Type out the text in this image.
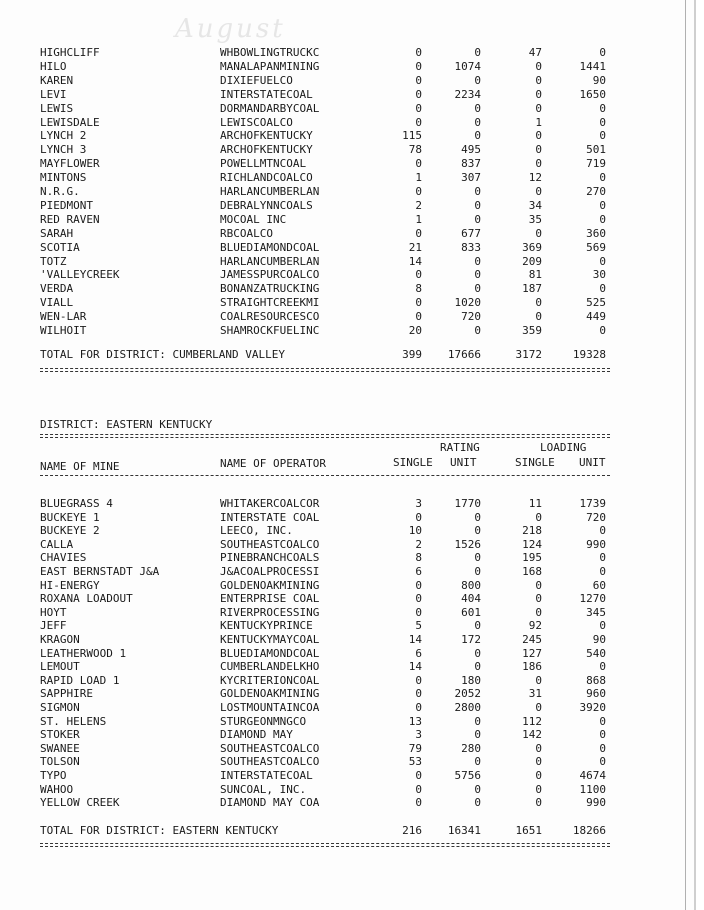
August
HIGHCLIFF	WHBOWLINGTRUCKC	0	0	47	0
HILO	MANALAPANMINING	0	1074	0	1441
KAREN	DIXIEFUELCO	0	0	0	90
LEVI	INTERSTATECOAL	0	2234	0	1650
LEWIS	DORMANDARBYCOAL	0	0	0	0
LEWISDALE	LEWISCOALCO	0	0	1	0
LYNCH 2	ARCHOFKENTUCKY	115	0	0	0
LYNCH 3	ARCHOFKENTUCKY	78	495	0	501
MAYFLOWER	POWELLMTNCOAL	0	837	0	719
MINTONS	RICHLANDCOALCO	1	307	12	0
N.R.G.	HARLANCUMBERLAN	0	0	0	270
PIEDMONT	DEBRALYNNCOALS	2	0	34	0
RED RAVEN	MOCOAL INC	1	0	35	0
SARAH	RBCOALCO	0	677	0	360
SCOTIA	BLUEDIAMONDCOAL	21	833	369	569
TOTZ	HARLANCUMBERLAN	14	0	209	0
'VALLEYCREEK	JAMESSPURCOALCO	0	0	81	30
VERDA	BONANZATRUCKING	8	0	187	0
VIALL	STRAIGHTCREEKMI	0	1020	0	525
WEN-LAR	COALRESOURCESCO	0	720	0	449
WILHOIT	SHAMROCKFUELINC	20	0	359	0
TOTAL FOR DISTRICT: CUMBERLAND VALLEY	399 17666	3172	19328
DISTRICT: EASTERN KENTUCKY
RATING	LOADING
NAME OF MINE	NAME OF OPERATOR	SINGLE UNIT	SINGLE UNIT
BLUEGRASS 4	WHITAKERCOALCOR	3	1770	11	1739
BUCKEYE 1	INTERSTATE COAL	0	0	0	720
BUCKEYE 2	LEECO, INC.	10	0	218	0
CALLA	SOUTHEASTCOALCO	2	1526	124	990
CHAVIES	PINEBRANCHCOALS	8	0	195	0
EAST BERNSTADT J&A	J&ACOALPROCESSI	6	0	168	0
HI-ENERGY	GOLDENOAKMINING	0	800	0	60
ROXANA LOADOUT	ENTERPRISE COAL	0	404	0	1270
HOYT	RIVERPROCESSING	0	601	0	345
JEFF	KENTUCKYPRINCE	5	0	92	0
KRAGON	KENTUCKYMAYCOAL	14	172	245	90
LEATHERWOOD 1	BLUEDIAMONDCOAL	6	0	127	540
LEMOUT	CUMBERLANDELKHO	14	0	186	0
RAPID LOAD 1	KYCRITERIONCOAL	0	180	0	868
SAPPHIRE	GOLDENOAKMINING	0	2052	31	960
SIGMON	LOSTMOUNTAINCOA	0	2800	0	3920
ST. HELENS	STURGEONMNGCO	13	0	112	0
STOKER	DIAMOND MAY	3	0	142	0
SWANEE	SOUTHEASTCOALCO	79	280	0	0
TOLSON	SOUTHEASTCOALCO	53	0	0	0
TYPO	INTERSTATECOAL	0	5756	0	4674
WAHOO	SUNCOAL, INC.	0	0	0	1100
YELLOW CREEK	DIAMOND MAY COA	0	0	0	990
TOTAL FOR DISTRICT: EASTERN KENTUCKY	216 16341	1651	18266
